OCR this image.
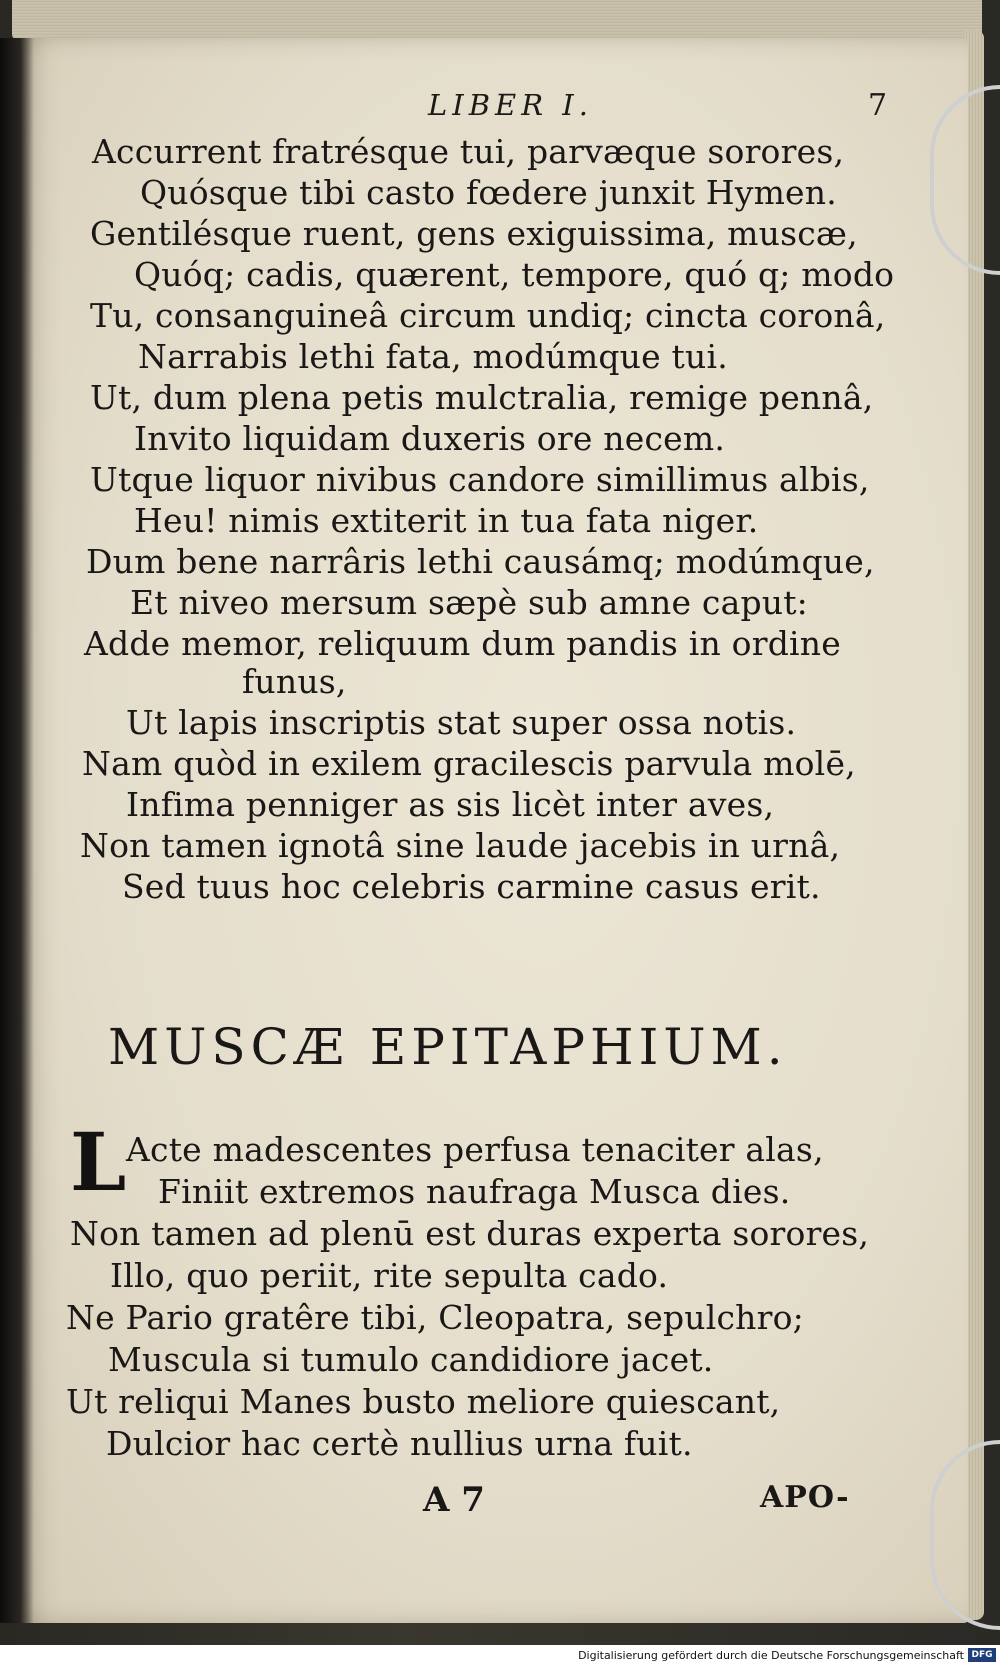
LIBER I.	7
Accurrent fratrésque tui, parvæque sorores,
Quósque tibi casto fœdere junxit Hymen.
Gentilésque ruent, gens exiguissima, muscæ,
Quóq; cadis, quærent, tempore, quó q; modo
Tu, consanguineâ circum undiq; cincta coronâ,
Narrabis lethi fata, modúmque tui.
Ut, dum plena petis mulctralia, remige pennâ,
Invito liquidam duxeris ore necem.
Utque liquor nivibus candore simillimus albis,
Heu! nimis extiterit in tua fata niger.
Dum bene narrâris lethi causámq; modúmque,
Et niveo mersum sæpè sub amne caput:
Adde memor, reliquum dum pandis in ordine
funus,
Ut lapis inscriptis stat super ossa notis.
Nam quòd in exilem gracilescis parvula molē,
Infima penniger as sis licèt inter aves,
Non tamen ignotâ sine laude jacebis in urnâ,
Sed tuus hoc celebris carmine casus erit.
MUSCÆ EPITAPHIUM.
L Acte madescentes perfusa tenaciter alas,
Finiit extremos naufraga Musca dies.
Non tamen ad plenū est duras experta sorores,
Illo, quo periit, rite sepulta cado.
Ne Pario gratêre tibi, Cleopatra, sepulchro;
Muscula si tumulo candidiore jacet.
Ut reliqui Manes busto meliore quiescant,
Dulcior hac certè nullius urna fuit.
A 7	APO-
Digitalisierung gefördert durch die Deutsche Forschungsgemeinschaft DFG
